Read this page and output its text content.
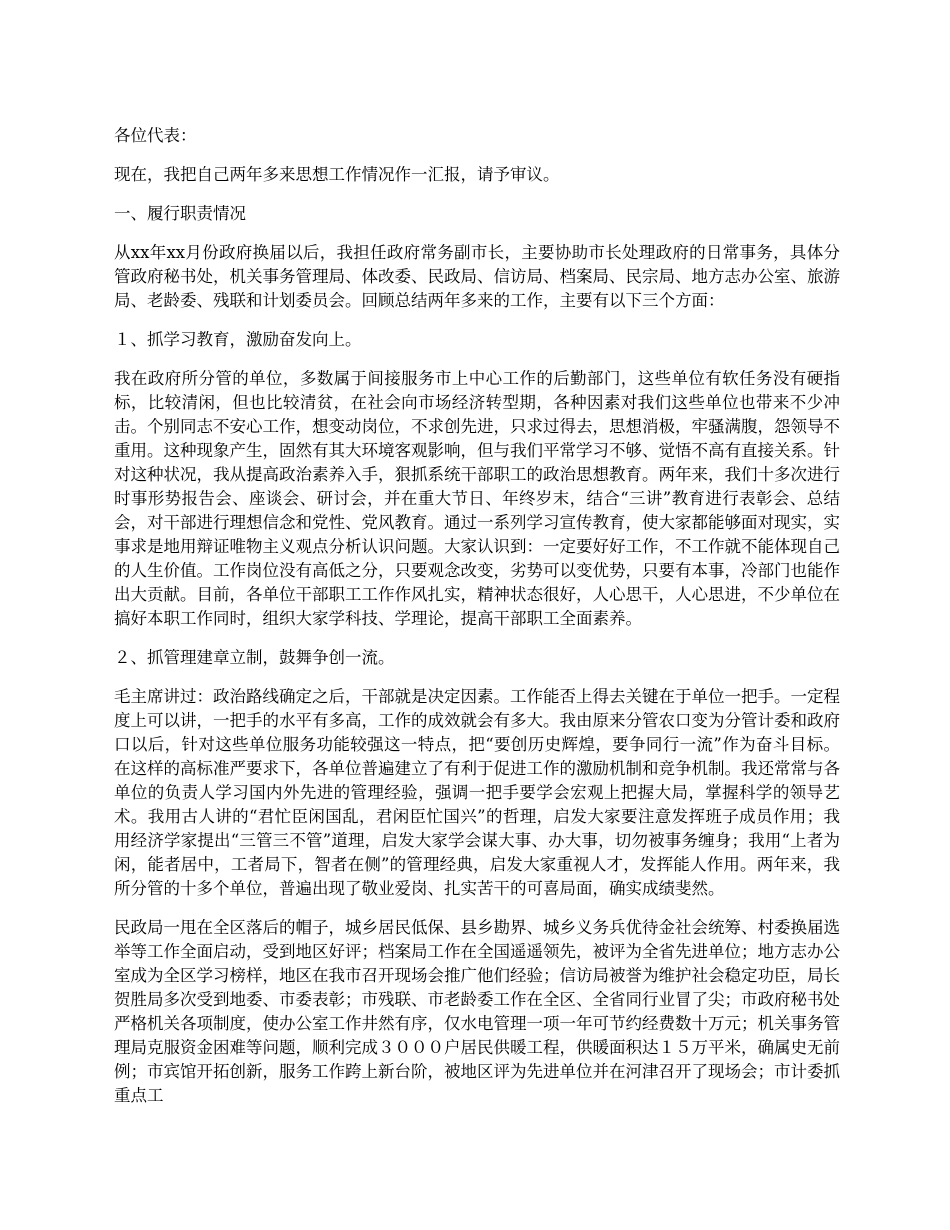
各位代表：

现在，我把自己两年多来思想工作情况作一汇报，请予审议。

一、履行职责情况

从xx年xx月份政府换届以后，我担任政府常务副市长，主要协助市长处理政府的日常事务，具体分管政府秘书处，机关事务管理局、体改委、民政局、信访局、档案局、民宗局、地方志办公室、旅游局、老龄委、残联和计划委员会。回顾总结两年多来的工作，主要有以下三个方面：

１、抓学习教育，激励奋发向上。

我在政府所分管的单位，多数属于间接服务市上中心工作的后勤部门，这些单位有软任务没有硬指标，比较清闲，但也比较清贫，在社会向市场经济转型期，各种因素对我们这些单位也带来不少冲击。个别同志不安心工作，想变动岗位，不求创先进，只求过得去，思想消极，牢骚满腹，怨领导不重用。这种现象产生，固然有其大环境客观影响，但与我们平常学习不够、觉悟不高有直接关系。针对这种状况，我从提高政治素养入手，狠抓系统干部职工的政治思想教育。两年来，我们十多次进行时事形势报告会、座谈会、研讨会，并在重大节日、年终岁末，结合“三讲”教育进行表彰会、总结会，对干部进行理想信念和党性、党风教育。通过一系列学习宣传教育，使大家都能够面对现实，实事求是地用辩证唯物主义观点分析认识问题。大家认识到：一定要好好工作，不工作就不能体现自己的人生价值。工作岗位没有高低之分，只要观念改变，劣势可以变优势，只要有本事，冷部门也能作出大贡献。目前，各单位干部职工工作作风扎实，精神状态很好，人心思干，人心思进，不少单位在搞好本职工作同时，组织大家学科技、学理论，提高干部职工全面素养。

２、抓管理建章立制，鼓舞争创一流。

毛主席讲过：政治路线确定之后，干部就是决定因素。工作能否上得去关键在于单位一把手。一定程度上可以讲，一把手的水平有多高，工作的成效就会有多大。我由原来分管农口变为分管计委和政府口以后，针对这些单位服务功能较强这一特点，把“要创历史辉煌，要争同行一流”作为奋斗目标。在这样的高标准严要求下，各单位普遍建立了有利于促进工作的激励机制和竞争机制。我还常常与各单位的负责人学习国内外先进的管理经验，强调一把手要学会宏观上把握大局，掌握科学的领导艺术。我用古人讲的“君忙臣闲国乱，君闲臣忙国兴”的哲理，启发大家要注意发挥班子成员作用；我用经济学家提出“三管三不管”道理，启发大家学会谋大事、办大事，切勿被事务缠身；我用“上者为闲，能者居中，工者局下，智者在侧”的管理经典，启发大家重视人才，发挥能人作用。两年来，我所分管的十多个单位，普遍出现了敬业爱岗、扎实苦干的可喜局面，确实成绩斐然。

民政局一甩在全区落后的帽子，城乡居民低保、县乡勘界、城乡义务兵优待金社会统筹、村委换届选举等工作全面启动，受到地区好评；档案局工作在全国遥遥领先，被评为全省先进单位；地方志办公室成为全区学习榜样，地区在我市召开现场会推广他们经验；信访局被誉为维护社会稳定功臣，局长贺胜局多次受到地委、市委表彰；市残联、市老龄委工作在全区、全省同行业冒了尖；市政府秘书处严格机关各项制度，使办公室工作井然有序，仅水电管理一项一年可节约经费数十万元；机关事务管理局克服资金困难等问题，顺利完成３０００户居民供暖工程，供暖面积达１５万平米，确属史无前例；市宾馆开拓创新，服务工作跨上新台阶，被地区评为先进单位并在河津召开了现场会；市计委抓重点工
